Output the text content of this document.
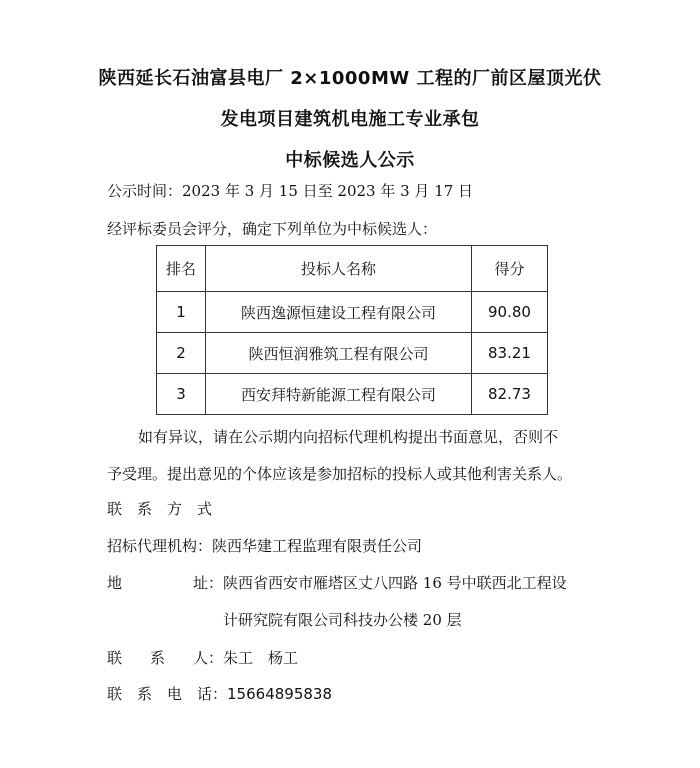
陕西延长石油富县电厂 2×1000MW 工程的厂前区屋顶光伏
发电项目建筑机电施工专业承包
中标候选人公示
公示时间：2023 年 3 月 15 日至 2023 年 3 月 17 日
经评标委员会评分，确定下列单位为中标候选人：
排名	投标人名称	得分
1	陕西逸源恒建设工程有限公司	90.80
2	陕西恒润雅筑工程有限公司	83.21
3	西安拜特新能源工程有限公司	82.73
如有异议，请在公示期内向招标代理机构提出书面意见，否则不
予受理。提出意见的个体应该是参加招标的投标人或其他利害关系人。
联　系　方　式
招标代理机构：陕西华建工程监理有限责任公司
地	址： 陕西省西安市雁塔区丈八四路 16 号中联西北工程设
计研究院有限公司科技办公楼 20 层
联 系 人： 朱工　杨工
联　系　电　话：15664895838
